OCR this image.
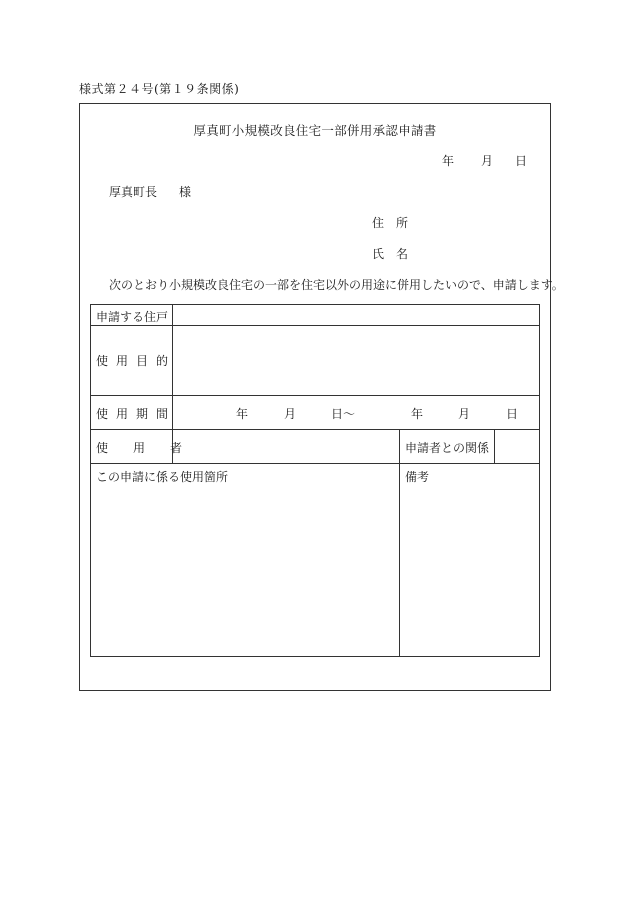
様式第２４号(第１９条関係)
厚真町小規模改良住宅一部併用承認申請書
年 月 日
厚真町長 様
住所
氏名
次のとおり小規模改良住宅の一部を住宅以外の用途に併用したいので、申請します。
申請する住戸
使用目的
使用期間	年	月	日～	年	月	日
使用者	申請者との関係
この申請に係る使用箇所	備考
